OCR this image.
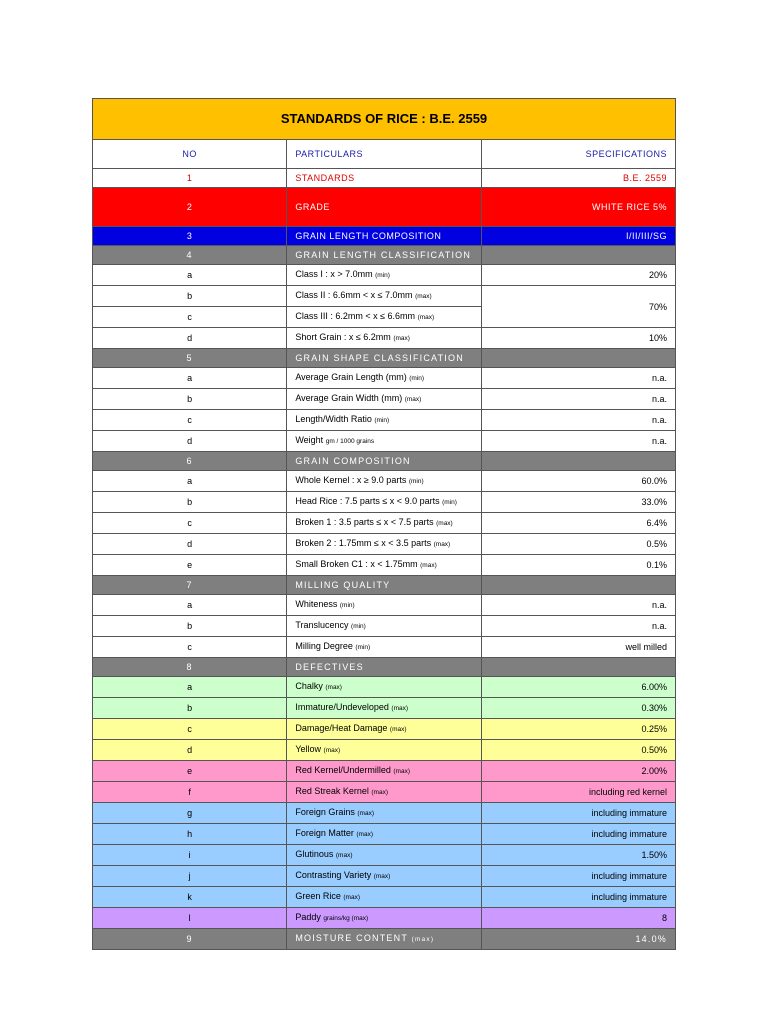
STANDARDS OF RICE : B.E. 2559		
NO	PARTICULARS	SPECIFICATIONS
1	STANDARDS	B.E. 2559
2	GRADE	WHITE RICE 5%
3	GRAIN LENGTH COMPOSITION	I/II/III/SG
4	GRAIN LENGTH CLASSIFICATION	
a	Class I : x > 7.0mm (min)	20%
b	Class II : 6.6mm < x ≤ 7.0mm (max)	70%
c	Class III : 6.2mm < x ≤ 6.6mm (max)	
d	Short Grain : x ≤ 6.2mm (max)	10%
5	GRAIN SHAPE CLASSIFICATION	
a	Average Grain Length (mm) (min)	n.a.
b	Average Grain Width (mm) (max)	n.a.
c	Length/Width Ratio (min)	n.a.
d	Weight gm / 1000 grains	n.a.
6	GRAIN COMPOSITION	
a	Whole Kernel : x ≥ 9.0 parts (min)	60.0%
b	Head Rice : 7.5 parts ≤ x < 9.0 parts (min)	33.0%
c	Broken 1 : 3.5 parts ≤ x < 7.5 parts (max)	6.4%
d	Broken 2 : 1.75mm ≤ x < 3.5 parts (max)	0.5%
e	Small Broken C1 : x < 1.75mm (max)	0.1%
7	MILLING QUALITY	
a	Whiteness (min)	n.a.
b	Translucency (min)	n.a.
c	Milling Degree (min)	well milled
8	DEFECTIVES	
a	Chalky (max)	6.00%
b	Immature/Undeveloped (max)	0.30%
c	Damage/Heat Damage (max)	0.25%
d	Yellow (max)	0.50%
e	Red Kernel/Undermilled (max)	2.00%
f	Red Streak Kernel (max)	including red kernel
g	Foreign Grains (max)	including immature
h	Foreign Matter (max)	including immature
i	Glutinous (max)	1.50%
j	Contrasting Variety (max)	including immature
k	Green Rice (max)	including immature
l	Paddy grains/kg (max)	8
9	MOISTURE CONTENT (max)	14.0%
